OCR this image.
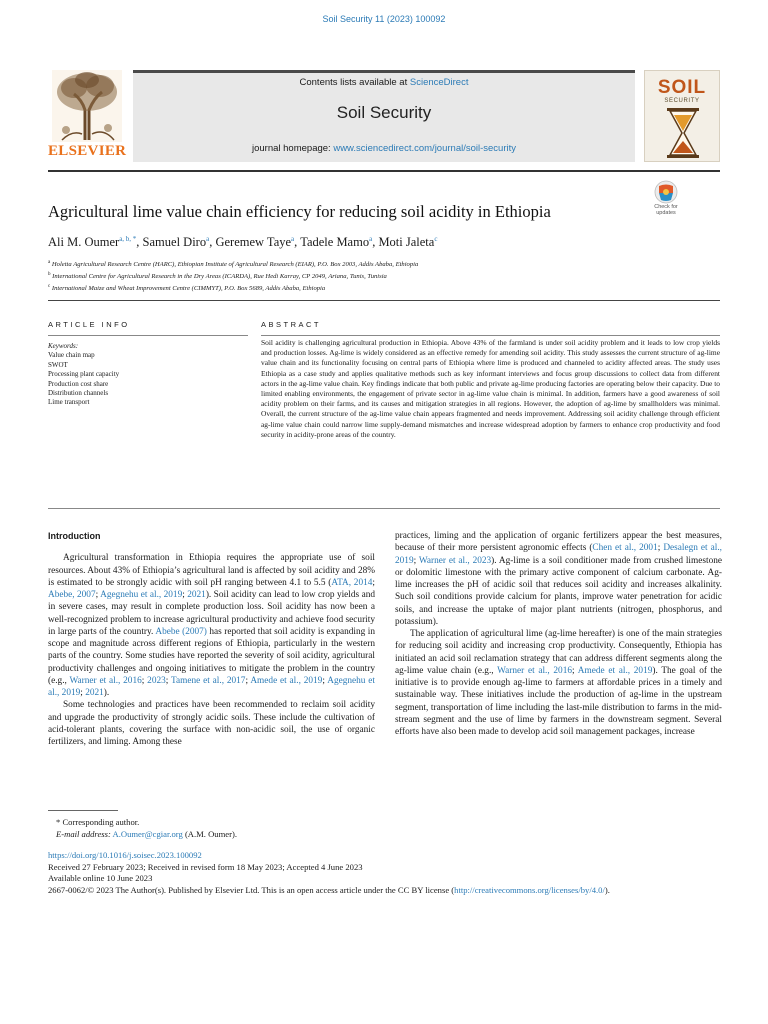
Soil Security 11 (2023) 100092
ELSEVIER
Contents lists available at ScienceDirect
Soil Security
journal homepage: www.sciencedirect.com/journal/soil-security
SOIL
SECURITY
Agricultural lime value chain efficiency for reducing soil acidity in Ethiopia	Check for updates
Ali M. Oumer$^{a, b, *}$, Samuel Diro$^a$, Geremew Taye$^a$, Tadele Mamo$^a$, Moti Jaleta$^c$
$^a$ Holetta Agricultural Research Centre (HARC), Ethiopian Institute of Agricultural Research (EIAR), P.O. Box 2003, Addis Ababa, Ethiopia
$^b$ International Centre for Agricultural Research in the Dry Areas (ICARDA), Rue Hedi Karray, CP 2049, Ariana, Tunis, Tunisia
$^c$ International Maize and Wheat Improvement Centre (CIMMYT), P.O. Box 5689, Addis Ababa, Ethiopia
ARTICLE INFO	ABSTRACT
Keywords:
Value chain map
SWOT
Processing plant capacity
Production cost share
Distribution channels
Lime transport
Soil acidity is challenging agricultural production in Ethiopia. Above 43% of the farmland is under soil acidity problem and it leads to low crop yields and production losses. Ag-lime is widely considered as an effective remedy for amending soil acidity. This study assesses the current structure of ag-lime value chain and its functionality focusing on central parts of Ethiopia where lime is produced and channeled to acidity affected areas. The study uses Ethiopia as a case study and applies qualitative methods such as key informant interviews and focus group discussions to collect data from different actors in the ag-lime value chain. Key findings indicate that both public and private ag-lime producing factories are operating below their capacity. Due to limited enabling environments, the engagement of private sector in ag-lime value chain is minimal. In addition, farmers have a good awareness of soil acidity problem on their farms, and its causes and mitigation strategies in all regions. However, the adoption of ag-lime by smallholders was minimal. Overall, the current structure of the ag-lime value chain appears fragmented and needs improvement. Addressing soil acidity challenge through efficient ag-lime value chain could narrow lime supply-demand mismatches and increase widespread adoption by farmers to enhance crop productivity and food security in acidity-prone areas of the country.
Introduction

Agricultural transformation in Ethiopia requires the appropriate use of soil resources. About 43% of Ethiopia’s agricultural land is affected by soil acidity and 28% is estimated to be strongly acidic with soil pH ranging between 4.1 to 5.5 (ATA, 2014; Abebe, 2007; Agegnehu et al., 2019; 2021). Soil acidity can lead to low crop yields and in severe cases, may result in complete production loss. Soil acidity has now been a well-recognized problem to increase agricultural productivity and achieve food security in large parts of the country. Abebe (2007) has reported that soil acidity is expanding in scope and magnitude across different regions of Ethiopia, particularly in the western parts of the country. Some studies have reported the severity of soil acidity, agricultural productivity challenges and ongoing initiatives to mitigate the problem in the country (e.g., Warner et al., 2016; 2023; Tamene et al., 2017; Amede et al., 2019; Agegnehu et al., 2019; 2021).

Some technologies and practices have been recommended to reclaim soil acidity and upgrade the productivity of strongly acidic soils. These include the cultivation of acid-tolerant plants, covering the surface with non-acidic soil, the use of organic fertilizers, and liming. Among these

practices, liming and the application of organic fertilizers appear the best measures, because of their more persistent agronomic effects (Chen et al., 2001; Desalegn et al., 2019; Warner et al., 2023). Ag-lime is a soil conditioner made from crushed limestone or dolomitic limestone with the primary active component of calcium carbonate. Ag-lime increases the pH of acidic soil that reduces soil acidity and increases alkalinity. Such soil conditions provide calcium for plants, improve water penetration for acidic soils, and increase the uptake of major plant nutrients (nitrogen, phosphorus, and potassium).

The application of agricultural lime (ag-lime hereafter) is one of the main strategies for reducing soil acidity and increasing crop productivity. Consequently, Ethiopia has initiated an acid soil reclamation strategy that can address different segments along the ag-lime value chain (e.g., Warner et al., 2016; Amede et al., 2019). The goal of the initiative is to provide enough ag-lime to farmers at affordable prices in a timely and sustainable way. These initiatives include the production of ag-lime in the upstream segment, transportation of lime including the last-mile distribution to farms in the mid-stream segment and the use of lime by farmers in the downstream segment. Several efforts have also been made to develop acid soil management packages, increase

* Corresponding author.
E-mail address: A.Oumer@cgiar.org (A.M. Oumer).
https://doi.org/10.1016/j.soisec.2023.100092
Received 27 February 2023; Received in revised form 18 May 2023; Accepted 4 June 2023
Available online 10 June 2023
2667-0062/© 2023 The Author(s). Published by Elsevier Ltd. This is an open access article under the CC BY license (http://creativecommons.org/licenses/by/4.0/).
